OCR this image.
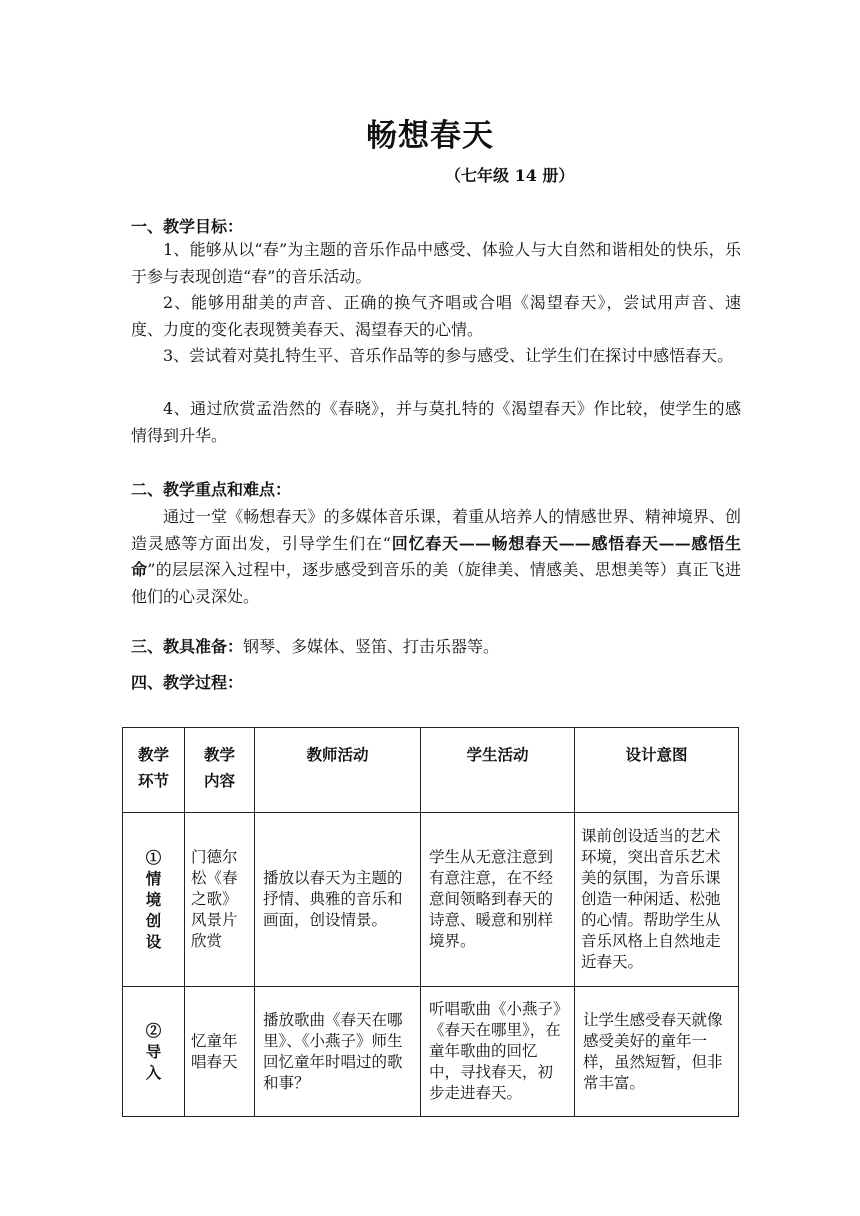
畅想春天
（七年级 14 册）
一、教学目标：
1、能够从以“春”为主题的音乐作品中感受、体验人与大自然和谐相处的快乐，乐于参与表现创造“春”的音乐活动。
2、能够用甜美的声音、正确的换气齐唱或合唱《渴望春天》，尝试用声音、速度、力度的变化表现赞美春天、渴望春天的心情。
3、尝试着对莫扎特生平、音乐作品等的参与感受、让学生们在探讨中感悟春天。
4、通过欣赏孟浩然的《春晓》，并与莫扎特的《渴望春天》作比较，使学生的感情得到升华。
二、教学重点和难点：
通过一堂《畅想春天》的多媒体音乐课，着重从培养人的情感世界、精神境界、创造灵感等方面出发，引导学生们在“回忆春天——畅想春天——感悟春天——感悟生命”的层层深入过程中，逐步感受到音乐的美（旋律美、情感美、思想美等）真正飞进他们的心灵深处。
三、教具准备：钢琴、多媒体、竖笛、打击乐器等。
四、教学过程：
教学环节	教学内容	教师活动	学生活动	设计意图
①情境创设	门德尔松《春之歌》风景片欣赏	播放以春天为主题的抒情、典雅的音乐和画面，创设情景。	学生从无意注意到有意注意，在不经意间领略到春天的诗意、暖意和别样境界。	课前创设适当的艺术环境，突出音乐艺术美的氛围，为音乐课创造一种闲适、松弛的心情。帮助学生从音乐风格上自然地走近春天。
②导入	忆童年唱春天	播放歌曲《春天在哪里》、《小燕子》师生回忆童年时唱过的歌和事？	听唱歌曲《小燕子》《春天在哪里》，在童年歌曲的回忆中，寻找春天，初步走进春天。	让学生感受春天就像感受美好的童年一样，虽然短暂，但非常丰富。
